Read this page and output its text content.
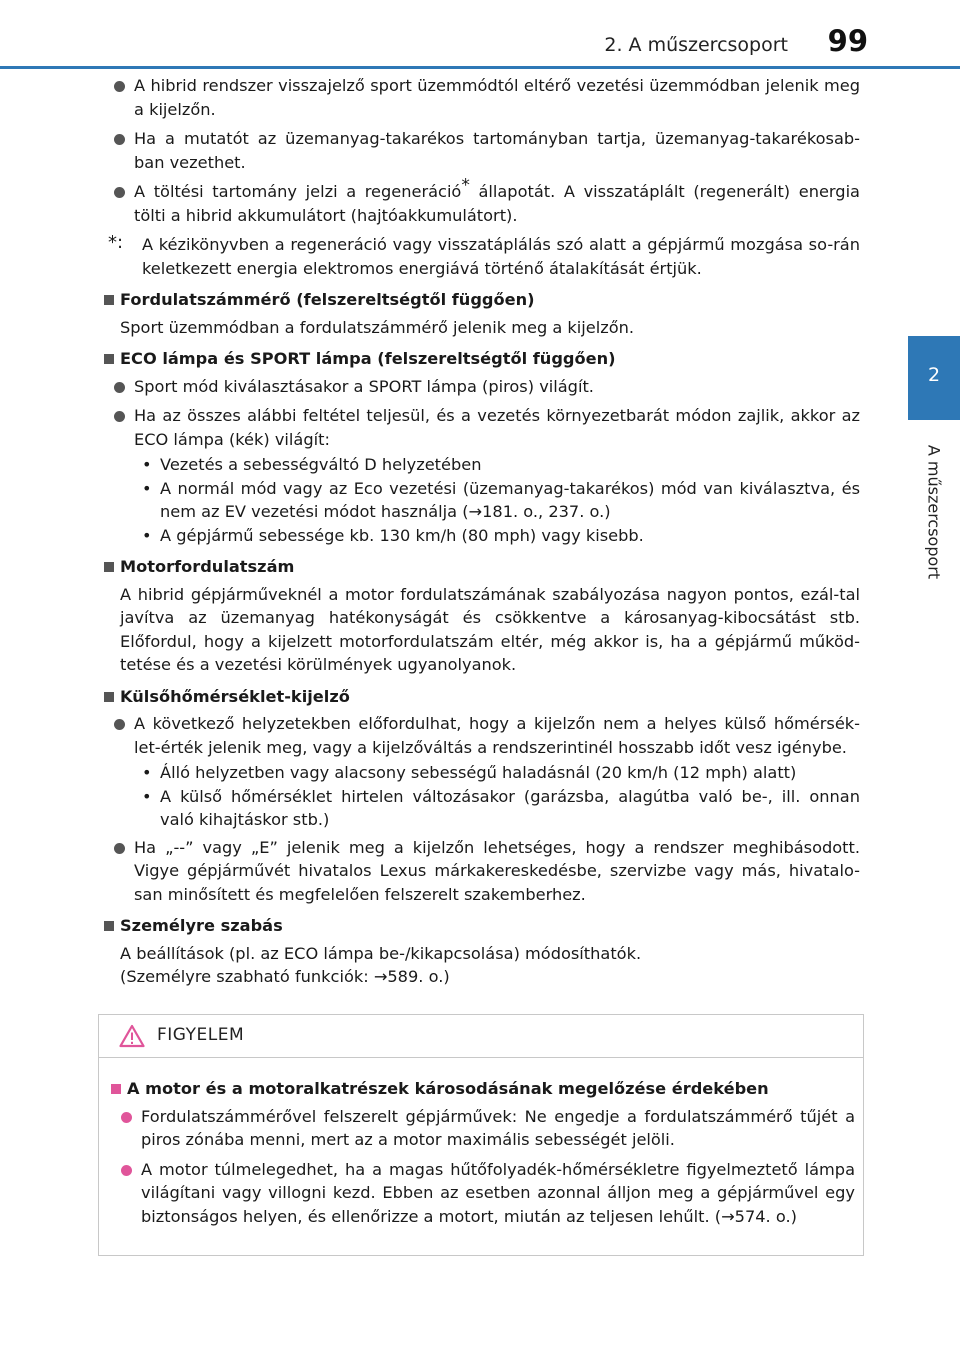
2. A műszercsoport 99
2
A műszercsoport
A hibrid rendszer visszajelző sport üzemmódtól eltérő vezetési üzemmódban jelenik meg a kijelzőn.
Ha a mutatót az üzemanyag-takarékos tartományban tartja, üzemanyag-takarékosab-ban vezethet.
A töltési tartomány jelzi a regeneráció* állapotát. A visszatáplált (regenerált) energia tölti a hibrid akkumulátort (hajtóakkumulátort).
*: A kézikönyvben a regeneráció vagy visszatáplálás szó alatt a gépjármű mozgása so-rán keletkezett energia elektromos energiává történő átalakítását értjük.
Fordulatszámmérő (felszereltségtől függően)
Sport üzemmódban a fordulatszámmérő jelenik meg a kijelzőn.
ECO lámpa és SPORT lámpa (felszereltségtől függően)
Sport mód kiválasztásakor a SPORT lámpa (piros) világít.
Ha az összes alábbi feltétel teljesül, és a vezetés környezetbarát módon zajlik, akkor az ECO lámpa (kék) világít:
• Vezetés a sebességváltó D helyzetében
• A normál mód vagy az Eco vezetési (üzemanyag-takarékos) mód van kiválasztva, és nem az EV vezetési módot használja (→181. o., 237. o.)
• A gépjármű sebessége kb. 130 km/h (80 mph) vagy kisebb.
Motorfordulatszám
A hibrid gépjárműveknél a motor fordulatszámának szabályozása nagyon pontos, ezál-tal javítva az üzemanyag hatékonyságát és csökkentve a károsanyag-kibocsátást stb. Előfordul, hogy a kijelzett motorfordulatszám eltér, még akkor is, ha a gépjármű működ-tetése és a vezetési körülmények ugyanolyanok.
Külsőhőmérséklet-kijelző
A következő helyzetekben előfordulhat, hogy a kijelzőn nem a helyes külső hőmérsék-let-érték jelenik meg, vagy a kijelzőváltás a rendszerintinél hosszabb időt vesz igénybe.
• Álló helyzetben vagy alacsony sebességű haladásnál (20 km/h (12 mph) alatt)
• A külső hőmérséklet hirtelen változásakor (garázsba, alagútba való be-, ill. onnan való kihajtáskor stb.)
Ha „--” vagy „E” jelenik meg a kijelzőn lehetséges, hogy a rendszer meghibásodott. Vigye gépjárművét hivatalos Lexus márkakereskedésbe, szervizbe vagy más, hivatalo-san minősített és megfelelően felszerelt szakemberhez.
Személyre szabás
A beállítások (pl. az ECO lámpa be-/kikapcsolása) módosíthatók.
(Személyre szabható funkciók: →589. o.)
FIGYELEM
A motor és a motoralkatrészek károsodásának megelőzése érdekében
Fordulatszámmérővel felszerelt gépjárművek: Ne engedje a fordulatszámmérő tűjét a piros zónába menni, mert az a motor maximális sebességét jelöli.
A motor túlmelegedhet, ha a magas hűtőfolyadék-hőmérsékletre figyelmeztető lámpa világítani vagy villogni kezd. Ebben az esetben azonnal álljon meg a gépjárművel egy biztonságos helyen, és ellenőrizze a motort, miután az teljesen lehűlt. (→574. o.)
